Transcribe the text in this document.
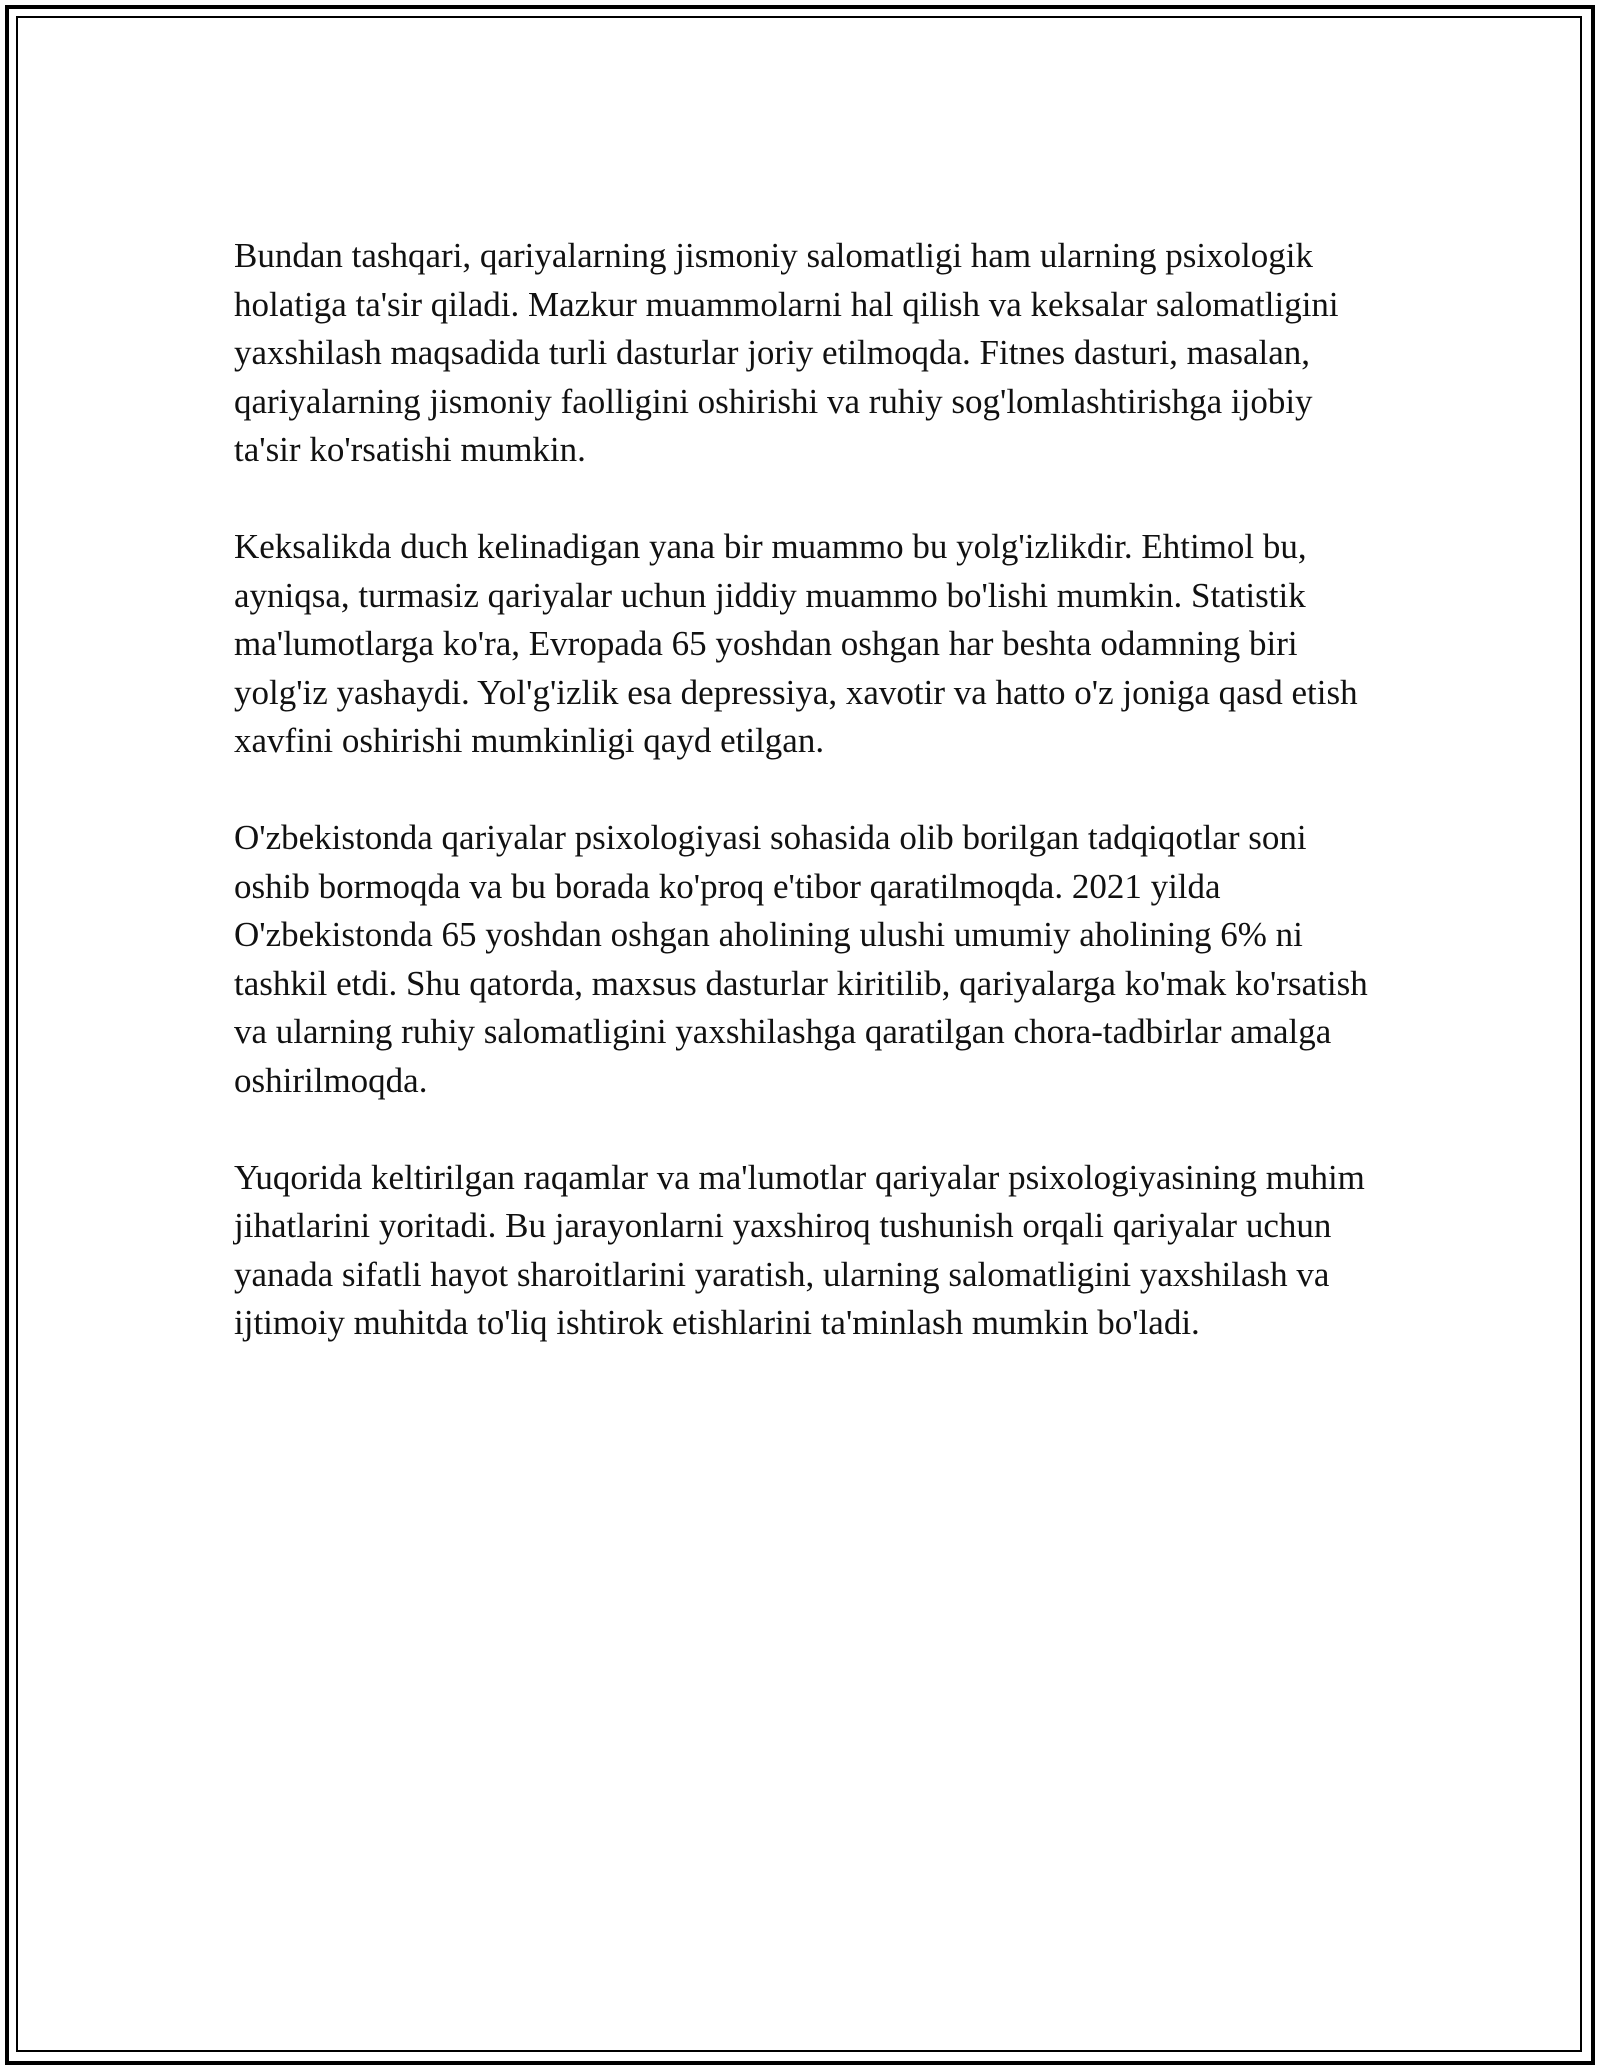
Bundan tashqari, qariyalarning jismoniy salomatligi ham ularning psixologik holatiga ta'sir qiladi. Mazkur muammolarni hal qilish va keksalar salomatligini yaxshilash maqsadida turli dasturlar joriy etilmoqda. Fitnes dasturi, masalan, qariyalarning jismoniy faolligini oshirishi va ruhiy sog'lomlashtirishga ijobiy ta'sir ko'rsatishi mumkin.

Keksalikda duch kelinadigan yana bir muammo bu yolg'izlikdir. Ehtimol bu, ayniqsa, turmasiz qariyalar uchun jiddiy muammo bo'lishi mumkin. Statistik ma'lumotlarga ko'ra, Evropada 65 yoshdan oshgan har beshta odamning biri yolg'iz yashaydi. Yol'g'izlik esa depressiya, xavotir va hatto o'z joniga qasd etish xavfini oshirishi mumkinligi qayd etilgan.

O'zbekistonda qariyalar psixologiyasi sohasida olib borilgan tadqiqotlar soni oshib bormoqda va bu borada ko'proq e'tibor qaratilmoqda. 2021 yilda O'zbekistonda 65 yoshdan oshgan aholining ulushi umumiy aholining 6% ni tashkil etdi. Shu qatorda, maxsus dasturlar kiritilib, qariyalarga ko'mak ko'rsatish va ularning ruhiy salomatligini yaxshilashga qaratilgan chora-tadbirlar amalga oshirilmoqda.

Yuqorida keltirilgan raqamlar va ma'lumotlar qariyalar psixologiyasining muhim jihatlarini yoritadi. Bu jarayonlarni yaxshiroq tushunish orqali qariyalar uchun yanada sifatli hayot sharoitlarini yaratish, ularning salomatligini yaxshilash va ijtimoiy muhitda to'liq ishtirok etishlarini ta'minlash mumkin bo'ladi.
